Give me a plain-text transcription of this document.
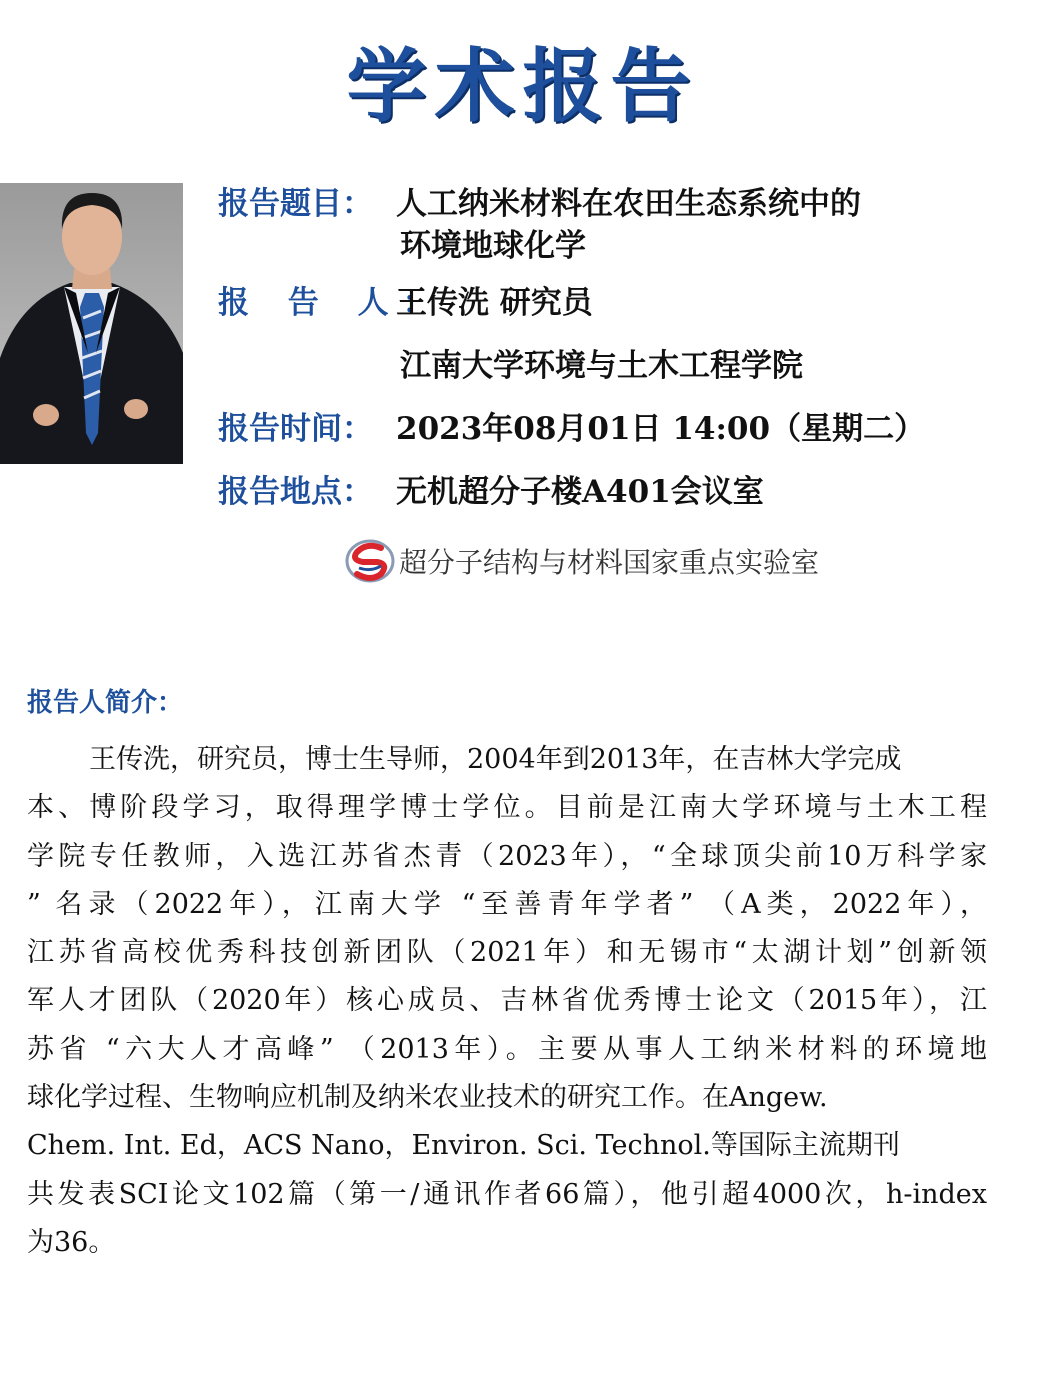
学术报告
报告题目： 人工纳米材料在农田生态系统中的
环境地球化学
报 告 人：
王传洗 研究员
江南大学环境与土木工程学院
报告时间： 2023年08月01日 14:00（星期二）
报告地点： 无机超分子楼A401会议室
超分子结构与材料国家重点实验室
报告人简介：
王传洗，研究员，博士生导师，2004年到2013年，在吉林大学完成
本、博阶段学习，取得理学博士学位。目前是江南大学环境与土木工程
学院专任教师，入选江苏省杰青（2023年），“全球顶尖前10万科学家
” 名录（2022年），江南大学 “至善青年学者” （A类，2022年），
江苏省高校优秀科技创新团队（2021年）和无锡市“太湖计划”创新领
军人才团队（2020年）核心成员、吉林省优秀博士论文（2015年），江
苏省 “六大人才高峰” （2013年）。主要从事人工纳米材料的环境地
球化学过程、生物响应机制及纳米农业技术的研究工作。在Angew.
Chem. Int. Ed，ACS Nano，Environ. Sci. Technol.等国际主流期刊
共发表SCI论文102篇（第一/通讯作者66篇），他引超4000次，h-index
为36。
